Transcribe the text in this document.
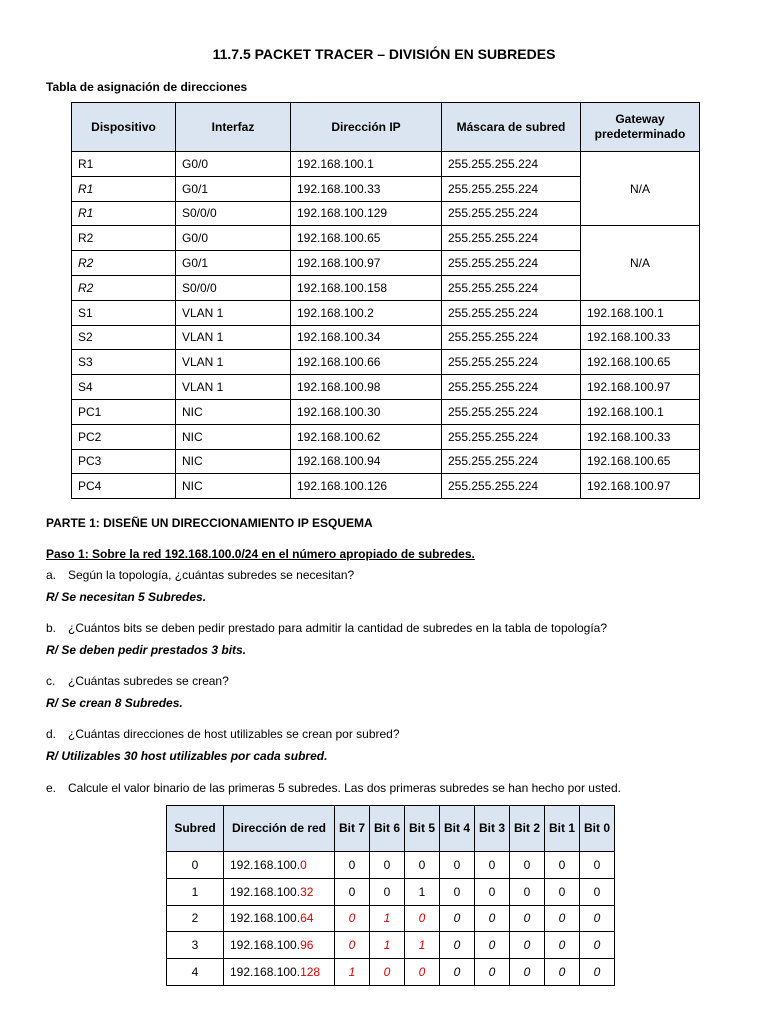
11.7.5 PACKET TRACER – DIVISIÓN EN SUBREDES
Tabla de asignación de direcciones
Dispositivo	Interfaz	Dirección IP	Máscara de subred	Gateway predeterminado
R1	G0/0	192.168.100.1	255.255.255.224	N/A
R1	G0/1	192.168.100.33	255.255.255.224	
R1	S0/0/0	192.168.100.129	255.255.255.224	
R2	G0/0	192.168.100.65	255.255.255.224	N/A
R2	G0/1	192.168.100.97	255.255.255.224	
R2	S0/0/0	192.168.100.158	255.255.255.224	
S1	VLAN 1	192.168.100.2	255.255.255.224	192.168.100.1
S2	VLAN 1	192.168.100.34	255.255.255.224	192.168.100.33
S3	VLAN 1	192.168.100.66	255.255.255.224	192.168.100.65
S4	VLAN 1	192.168.100.98	255.255.255.224	192.168.100.97
PC1	NIC	192.168.100.30	255.255.255.224	192.168.100.1
PC2	NIC	192.168.100.62	255.255.255.224	192.168.100.33
PC3	NIC	192.168.100.94	255.255.255.224	192.168.100.65
PC4	NIC	192.168.100.126	255.255.255.224	192.168.100.97
PARTE 1: DISEÑE UN DIRECCIONAMIENTO IP ESQUEMA
Paso 1: Sobre la red 192.168.100.0/24 en el número apropiado de subredes.
a. Según la topología, ¿cuántas subredes se necesitan?
R/ Se necesitan 5 Subredes.
b. ¿Cuántos bits se deben pedir prestado para admitir la cantidad de subredes en la tabla de topología?
R/ Se deben pedir prestados 3 bits.
c. ¿Cuántas subredes se crean?
R/ Se crean 8 Subredes.
d. ¿Cuántas direcciones de host utilizables se crean por subred?
R/ Utilizables 30 host utilizables por cada subred.
e. Calcule el valor binario de las primeras 5 subredes. Las dos primeras subredes se han hecho por usted.
Subred	Dirección de red	Bit 7	Bit 6	Bit 5	Bit 4	Bit 3	Bit 2	Bit 1	Bit 0
0	192.168.100.0	0	0	0	0	0	0	0	0
1	192.168.100.32	0	0	1	0	0	0	0	0
2	192.168.100.64	0	1	0	0	0	0	0	0
3	192.168.100.96	0	1	1	0	0	0	0	0
4	192.168.100.128	1	0	0	0	0	0	0	0
